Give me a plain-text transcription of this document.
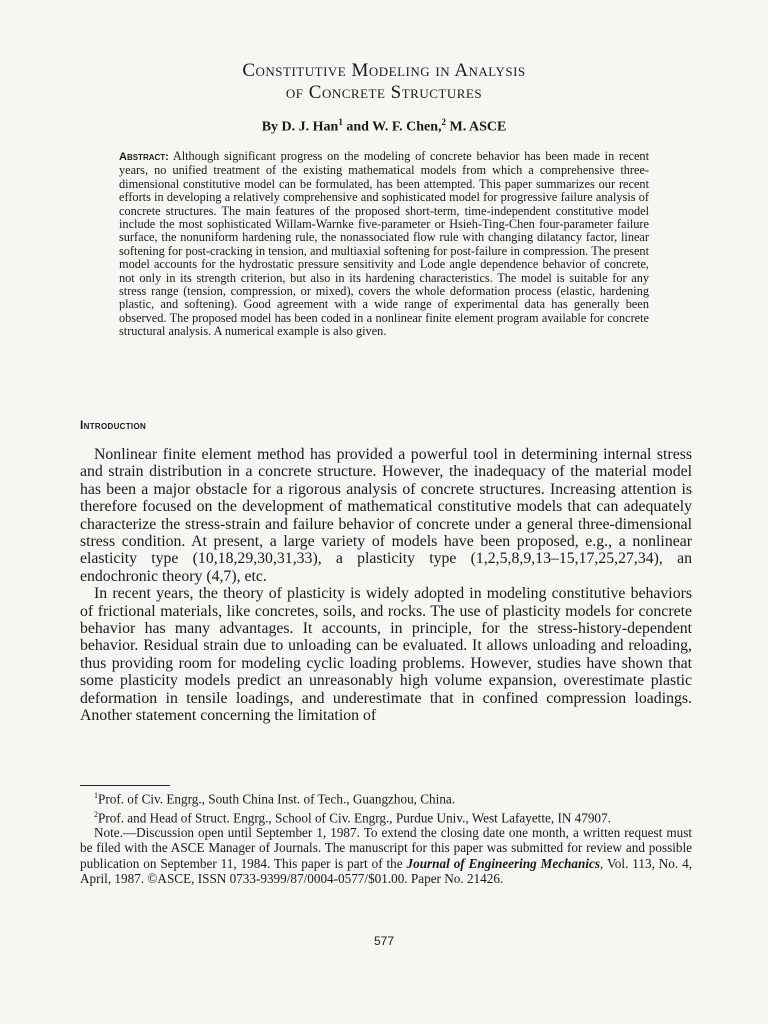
Constitutive Modeling in Analysis
of Concrete Structures
By D. J. Han$^1$ and W. F. Chen,$^2$ M. ASCE
Abstract: Although significant progress on the modeling of concrete behavior has been made in recent years, no unified treatment of the existing mathematical models from which a comprehensive three-dimensional constitutive model can be formulated, has been attempted. This paper summarizes our recent efforts in developing a relatively comprehensive and sophisticated model for progressive failure analysis of concrete structures. The main features of the proposed short-term, time-independent constitutive model include the most sophisticated Willam-Warnke five-parameter or Hsieh-Ting-Chen four-parameter failure surface, the nonuniform hardening rule, the nonassociated flow rule with changing dilatancy factor, linear softening for post-cracking in tension, and multiaxial softening for post-failure in compression. The present model accounts for the hydrostatic pressure sensitivity and Lode angle dependence behavior of concrete, not only in its strength criterion, but also in its hardening characteristics. The model is suitable for any stress range (tension, compression, or mixed), covers the whole deformation process (elastic, hardening plastic, and softening). Good agreement with a wide range of experimental data has generally been observed. The proposed model has been coded in a nonlinear finite element program available for concrete structural analysis. A numerical example is also given.
Introduction

Nonlinear finite element method has provided a powerful tool in determining internal stress and strain distribution in a concrete structure. However, the inadequacy of the material model has been a major obstacle for a rigorous analysis of concrete structures. Increasing attention is therefore focused on the development of mathematical constitutive models that can adequately characterize the stress-strain and failure behavior of concrete under a general three-dimensional stress condition. At present, a large variety of models have been proposed, e.g., a nonlinear elasticity type (10,18,29,30,31,33), a plasticity type (1,2,5,8,9,13–15,17,25,27,34), an endochronic theory (4,7), etc.

In recent years, the theory of plasticity is widely adopted in modeling constitutive behaviors of frictional materials, like concretes, soils, and rocks. The use of plasticity models for concrete behavior has many advantages. It accounts, in principle, for the stress-history-dependent behavior. Residual strain due to unloading can be evaluated. It allows unloading and reloading, thus providing room for modeling cyclic loading problems. However, studies have shown that some plasticity models predict an unreasonably high volume expansion, overestimate plastic deformation in tensile loadings, and underestimate that in confined compression loadings. Another statement concerning the limitation of

$^1$Prof. of Civ. Engrg., South China Inst. of Tech., Guangzhou, China.

$^2$Prof. and Head of Struct. Engrg., School of Civ. Engrg., Purdue Univ., West Lafayette, IN 47907.

Note.—Discussion open until September 1, 1987. To extend the closing date one month, a written request must be filed with the ASCE Manager of Journals. The manuscript for this paper was submitted for review and possible publication on September 11, 1984. This paper is part of the Journal of Engineering Mechanics, Vol. 113, No. 4, April, 1987. ©ASCE, ISSN 0733-9399/87/0004-0577/$01.00. Paper No. 21426.

577
